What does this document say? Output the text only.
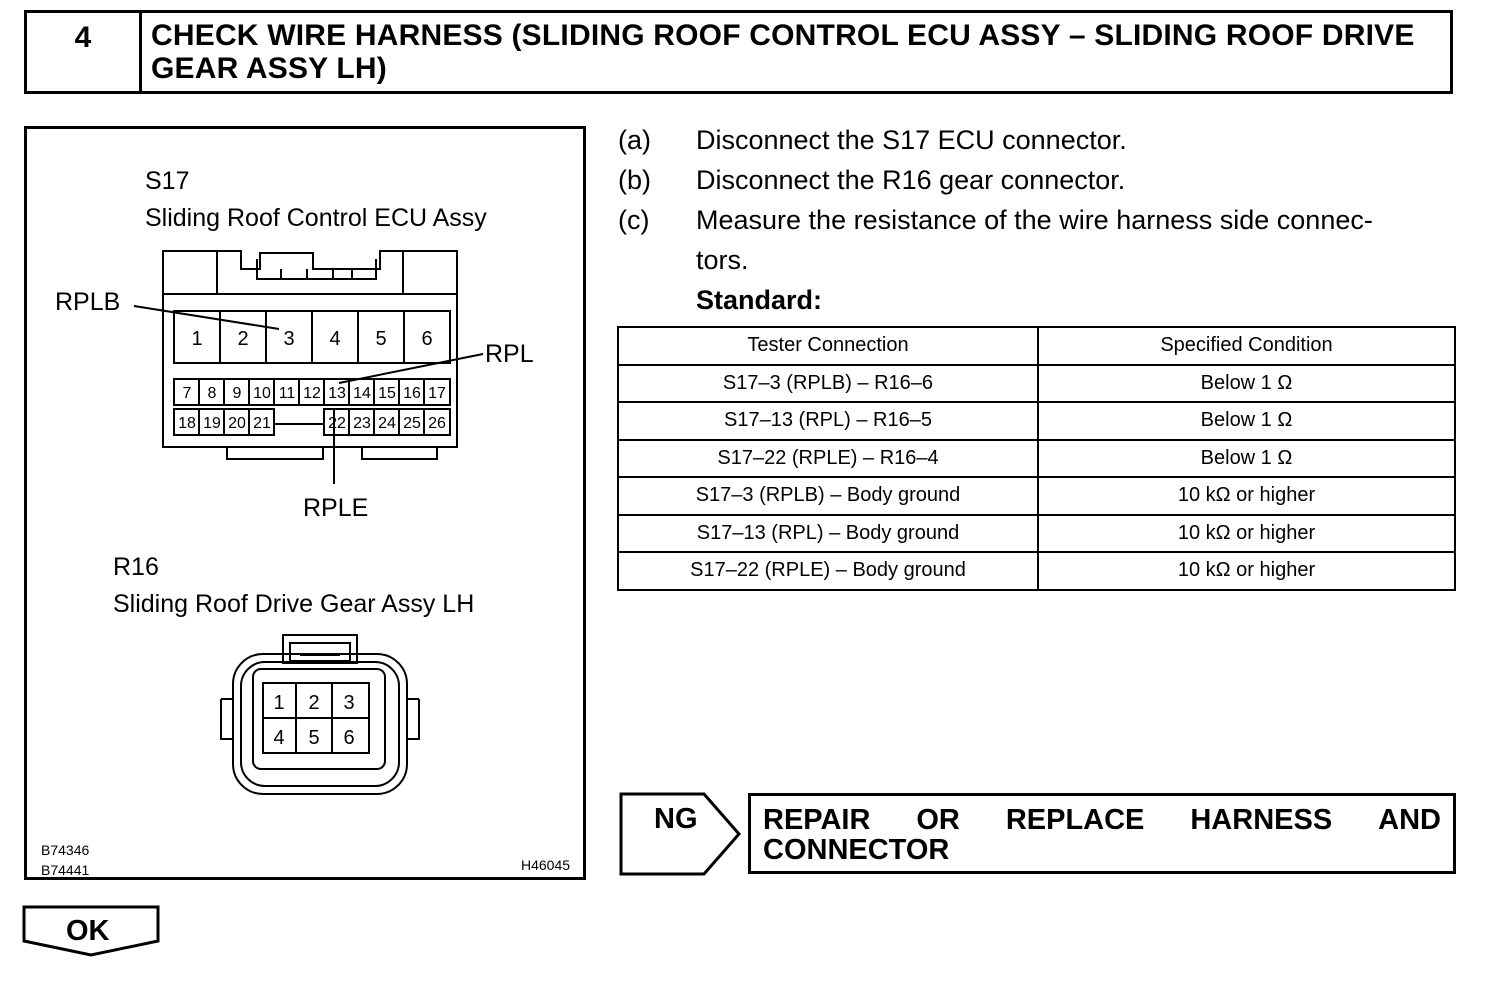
4	CHECK WIRE HARNESS (SLIDING ROOF CONTROL ECU ASSY – SLIDING ROOF DRIVE GEAR ASSY LH)
S17
Sliding Roof Control ECU Assy
1 2 3 4 5 6
7 8 9 10 11 12 13 14 15 16 17
18 19 20 21	22 23 24 25 26
RPLB
RPL
RPLE
R16
Sliding Roof Drive Gear Assy LH
1 2 3
4 5 6
B74346
B74441	H46045
(a) Disconnect the S17 ECU connector.
(b) Disconnect the R16 gear connector.
(c) Measure the resistance of the wire harness side connec-
tors.
Standard:
Tester Connection	Specified Condition
S17–3 (RPLB) – R16–6	Below 1 Ω
S17–13 (RPL) – R16–5	Below 1 Ω
S17–22 (RPLE) – R16–4	Below 1 Ω
S17–3 (RPLB) – Body ground	10 kΩ or higher
S17–13 (RPL) – Body ground	10 kΩ or higher
S17–22 (RPLE) – Body ground	10 kΩ or higher
NG REPAIR OR REPLACE HARNESS AND
CONNECTOR
OK
